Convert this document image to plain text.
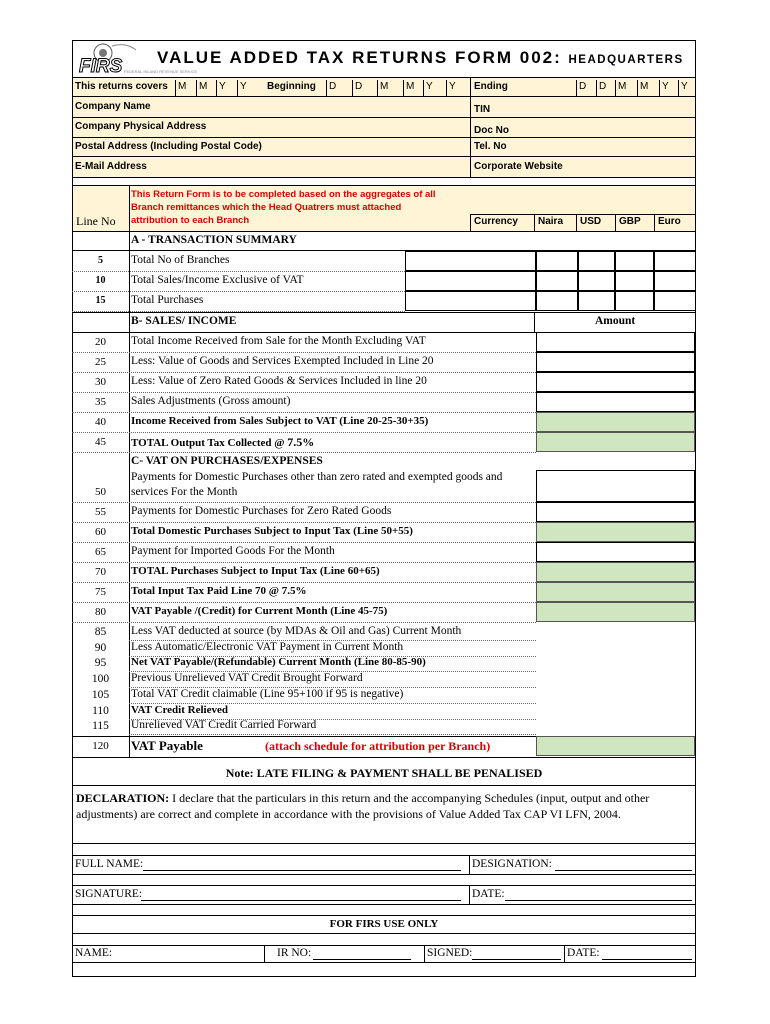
FIRS FEDERAL INLAND REVENUE SERVICE
VALUE ADDED TAX RETURNS FORM 002: HEADQUARTERS
This returns covers	M	M	Y	Y	Beginning	D	D	M	M	Y	Y	Ending	D	D	M	M	Y	Y
Company Name	TIN
Company Physical Address	Doc No
Postal Address (Including Postal Code)	Tel. No
E-Mail Address	Corporate Website
Line No
This Return Form is to be completed based on the aggregates of all
Branch remittances which the Head Quatrers must attached
attribution to each Branch	Currency Naira USD GBP Euro
A - TRANSACTION SUMMARY
5	Total No of Branches
10	Total Sales/Income Exclusive of VAT
15	Total Purchases
B- SALES/ INCOME	Amount
20	Total Income Received from Sale for the Month Excluding VAT
25	Less: Value of Goods and Services Exempted Included in Line 20
30	Less: Value of Zero Rated Goods & Services Included in line 20
35	Sales Adjustments (Gross amount)
40	Income Received from Sales Subject to VAT (Line 20-25-30+35)
45	TOTAL Output Tax Collected @ 7.5%
C- VAT ON PURCHASES/EXPENSES
50
Payments for Domestic Purchases other than zero rated and exempted goods and
services For the Month
55	Payments for Domestic Purchases for Zero Rated Goods
60	Total Domestic Purchases Subject to Input Tax (Line 50+55)
65	Payment for Imported Goods For the Month
70	TOTAL Purchases Subject to Input Tax (Line 60+65)
75	Total Input Tax Paid Line 70 @ 7.5%
80	VAT Payable /(Credit) for Current Month (Line 45-75)
85	Less VAT deducted at source (by MDAs & Oil and Gas) Current Month
90	Less Automatic/Electronic VAT Payment in Current Month
95	Net VAT Payable/(Refundable) Current Month (Line 80-85-90)
100	Previous Unrelieved VAT Credit Brought Forward
105	Total VAT Credit claimable (Line 95+100 if 95 is negative)
110	VAT Credit Relieved
115	Unrelieved VAT Credit Carried Forward
120	VAT Payable	(attach schedule for attribution per Branch)
Note: LATE FILING & PAYMENT SHALL BE PENALISED
DECLARATION: I declare that the particulars in this return and the accompanying Schedules (input, output and other adjustments) are correct and complete in accordance with the provisions of Value Added Tax CAP VI LFN, 2004.
FULL NAME:	DESIGNATION:
SIGNATURE:	DATE:
FOR FIRS USE ONLY
NAME:	IR NO:	SIGNED:	DATE:
